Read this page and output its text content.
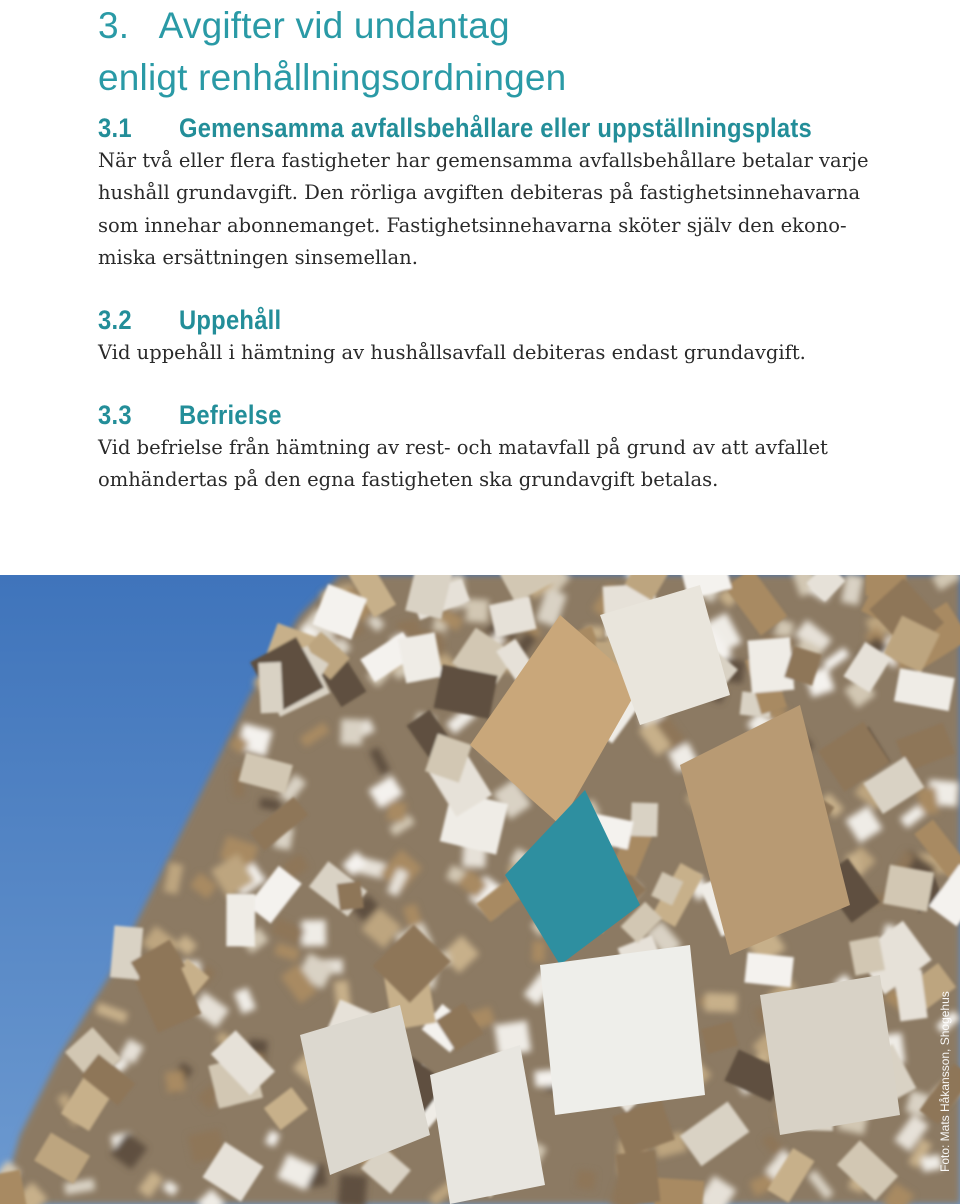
3.   Avgifter vid undantag
enligt renhållningsordningen
3.1 Gemensamma avfallsbehållare eller uppställningsplats

När två eller flera fastigheter har gemensamma avfallsbehållare betalar varje
hushåll grundavgift. Den rörliga avgiften debiteras på fastighetsinnehavarna
som innehar abonnemanget. Fastighetsinnehavarna sköter själv den ekono-
miska ersättningen sinsemellan.

3.2 Uppehåll

Vid uppehåll i hämtning av hushållsavfall debiteras endast grundavgift.

3.3 Befrielse

Vid befrielse från hämtning av rest- och matavfall på grund av att avfallet
omhändertas på den egna fastigheten ska grundavgift betalas.

Foto: Mats Håkansson, Shogehus
